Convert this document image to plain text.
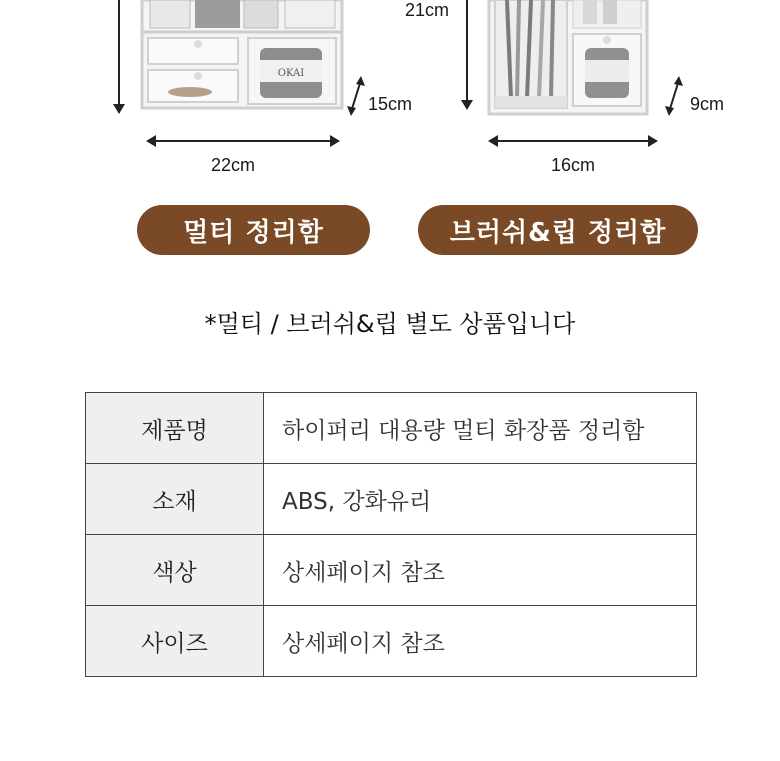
OKAI
15cm
22cm
21cm
9cm
16cm
멀티 정리함	브러쉬&립 정리함
*멀티 / 브러쉬&립 별도 상품입니다
제품명	하이퍼리 대용량 멀티 화장품 정리함
소재	ABS, 강화유리
색상	상세페이지 참조
사이즈	상세페이지 참조
